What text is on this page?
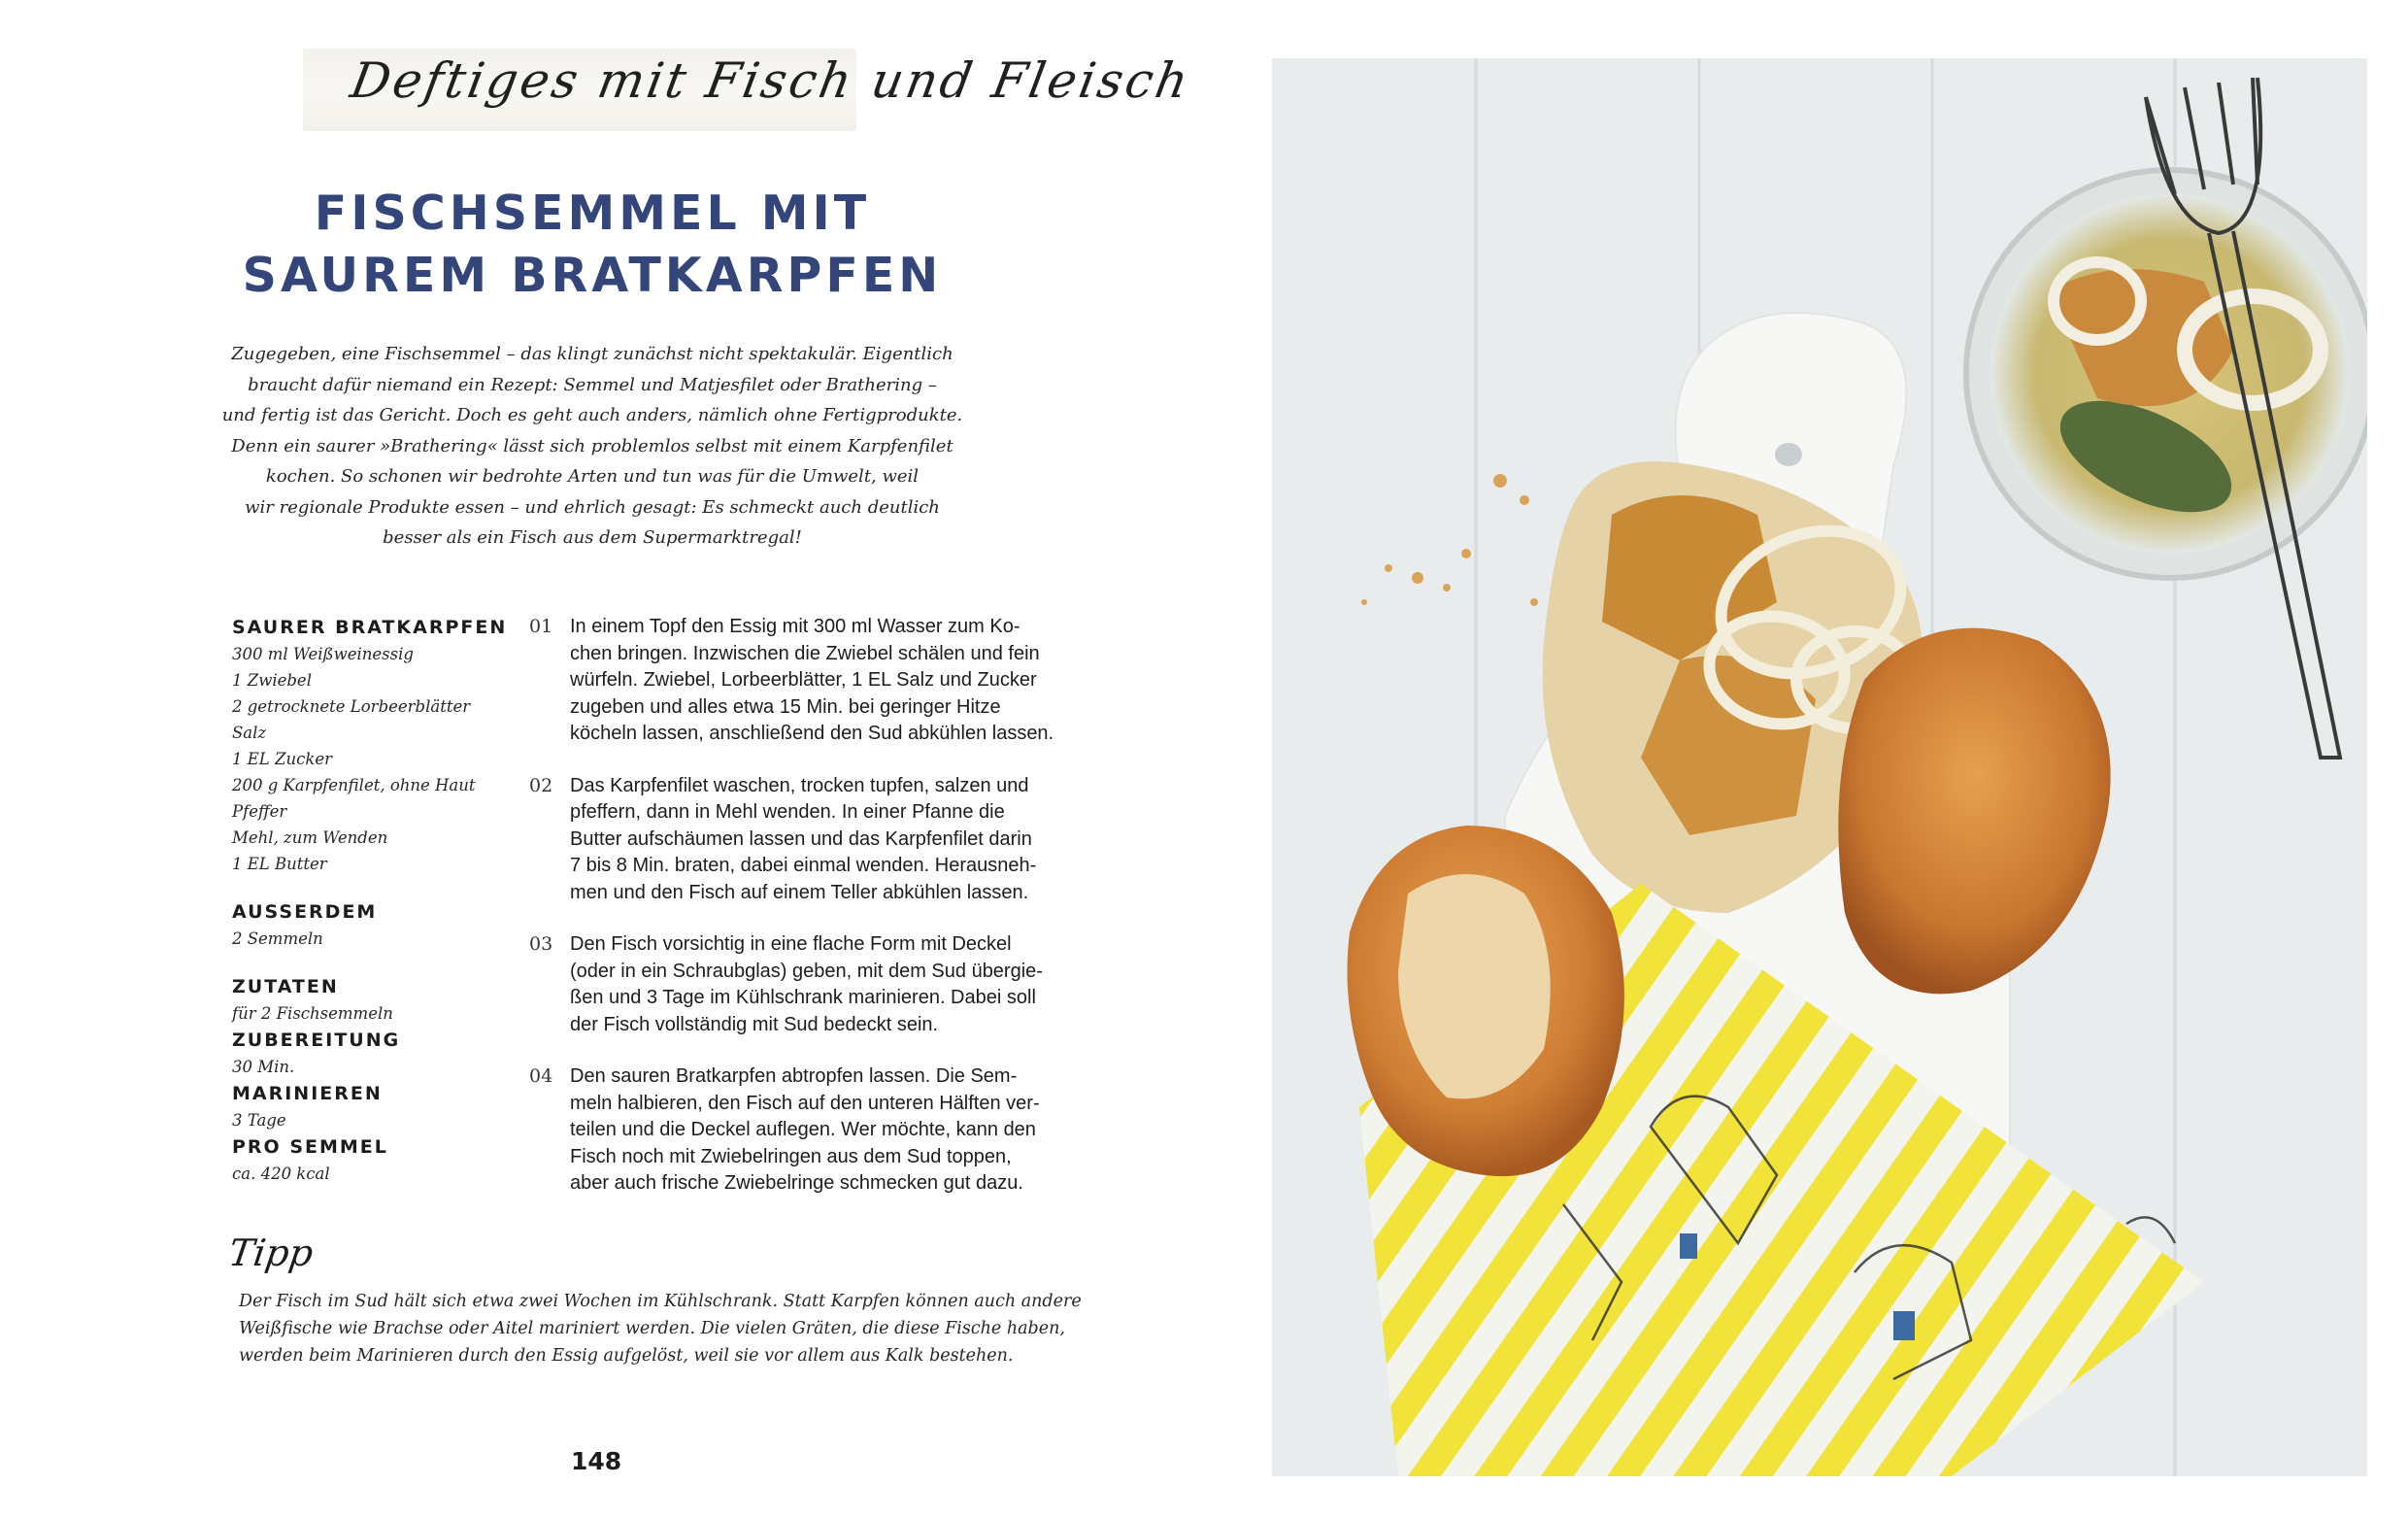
Deftiges mit Fisch und Fleisch
FISCHSEMMEL MIT
SAUREM BRATKARPFEN
Zugegeben, eine Fischsemmel – das klingt zunächst nicht spektakulär. Eigentlich
braucht dafür niemand ein Rezept: Semmel und Matjesfilet oder Brathering –
und fertig ist das Gericht. Doch es geht auch anders, nämlich ohne Fertigprodukte.
Denn ein saurer »Brathering« lässt sich problemlos selbst mit einem Karpfenfilet
kochen. So schonen wir bedrohte Arten und tun was für die Umwelt, weil
wir regionale Produkte essen – und ehrlich gesagt: Es schmeckt auch deutlich
besser als ein Fisch aus dem Supermarktregal!
SAURER BRATKARPFEN
300 ml Weißweinessig
1 Zwiebel
2 getrocknete Lorbeerblätter
Salz
1 EL Zucker
200 g Karpfenfilet, ohne Haut
Pfeffer
Mehl, zum Wenden
1 EL Butter
AUSSERDEM
2 Semmeln
ZUTATEN
für 2 Fischsemmeln
ZUBEREITUNG
30 Min.
MARINIEREN
3 Tage
PRO SEMMEL
ca. 420 kcal
01 In einem Topf den Essig mit 300 ml Wasser zum Ko-
chen bringen. Inzwischen die Zwiebel schälen und fein
würfeln. Zwiebel, Lorbeerblätter, 1 EL Salz und Zucker
zugeben und alles etwa 15 Min. bei geringer Hitze
köcheln lassen, anschließend den Sud abkühlen lassen.
02 Das Karpfenfilet waschen, trocken tupfen, salzen und
pfeffern, dann in Mehl wenden. In einer Pfanne die
Butter aufschäumen lassen und das Karpfenfilet darin
7 bis 8 Min. braten, dabei einmal wenden. Herausneh-
men und den Fisch auf einem Teller abkühlen lassen.
03 Den Fisch vorsichtig in eine flache Form mit Deckel
(oder in ein Schraubglas) geben, mit dem Sud übergie-
ßen und 3 Tage im Kühlschrank marinieren. Dabei soll
der Fisch vollständig mit Sud bedeckt sein.
04 Den sauren Bratkarpfen abtropfen lassen. Die Sem-
meln halbieren, den Fisch auf den unteren Hälften ver-
teilen und die Deckel auflegen. Wer möchte, kann den
Fisch noch mit Zwiebelringen aus dem Sud toppen,
aber auch frische Zwiebelringe schmecken gut dazu.
Tipp
Der Fisch im Sud hält sich etwa zwei Wochen im Kühlschrank. Statt Karpfen können auch andere
Weißfische wie Brachse oder Aitel mariniert werden. Die vielen Gräten, die diese Fische haben,
werden beim Marinieren durch den Essig aufgelöst, weil sie vor allem aus Kalk bestehen.
148
